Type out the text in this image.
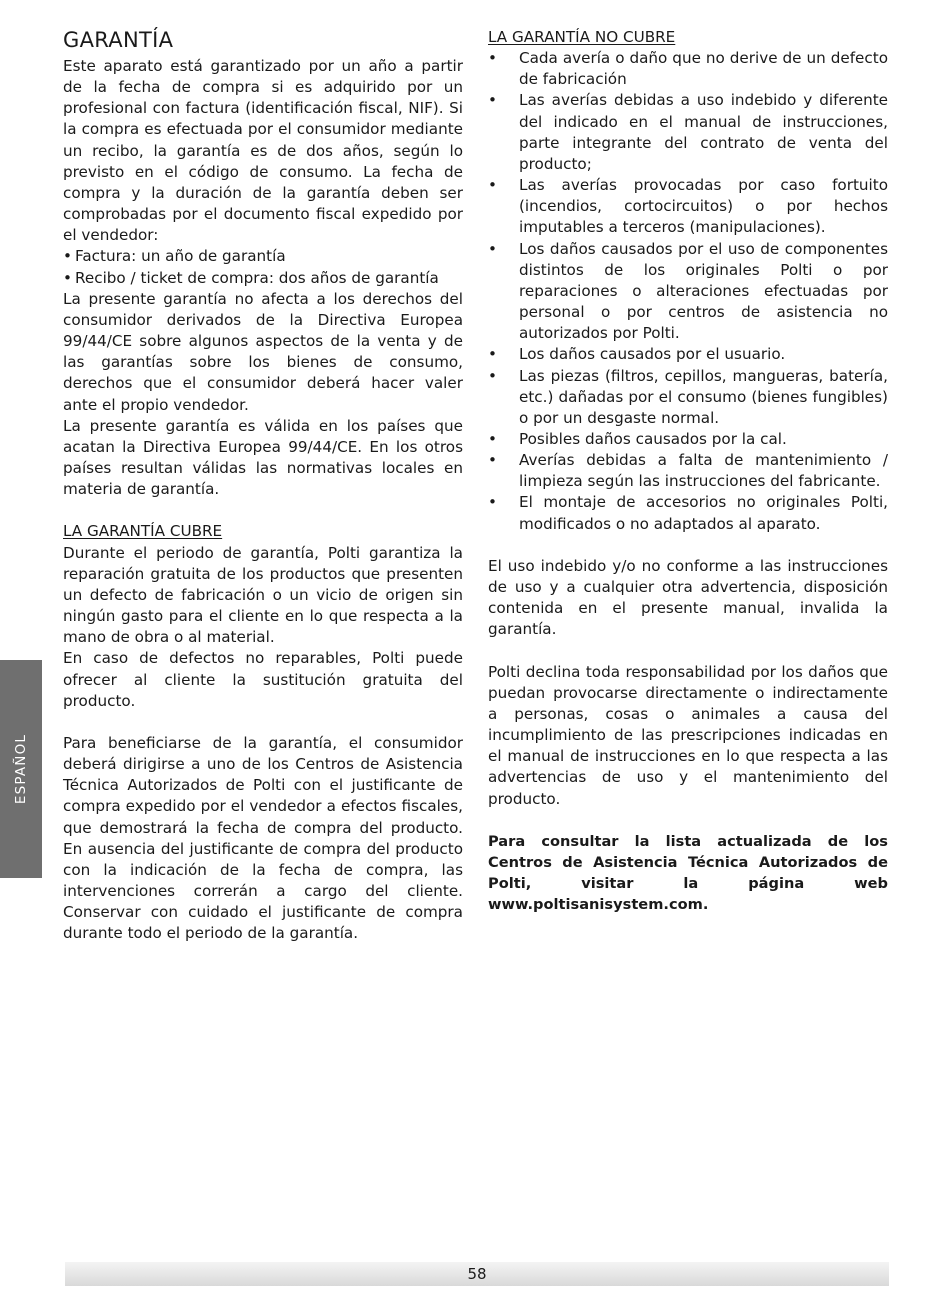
ESPAÑOL
GARANTÍA

Este aparato está garantizado por un año a partir de la fecha de compra si es adquirido por un profesional con factura (identificación fiscal, NIF). Si la compra es efectuada por el consumidor mediante un recibo, la garantía es de dos años, según lo previsto en el código de consumo. La fecha de compra y la duración de la garantía deben ser comprobadas por el documento fiscal expedido por el vendedor:

• Factura: un año de garantía
• Recibo / ticket de compra: dos años de garantía

La presente garantía no afecta a los derechos del consumidor derivados de la Directiva Europea 99/44/CE sobre algunos aspectos de la venta y de las garantías sobre los bienes de consumo, derechos que el consumidor deberá hacer valer ante el propio vendedor.

La presente garantía es válida en los países que acatan la Directiva Europea 99/44/CE. En los otros países resultan válidas las normativas locales en materia de garantía.

LA GARANTÍA CUBRE

Durante el periodo de garantía, Polti garantiza la reparación gratuita de los productos que presenten un defecto de fabricación o un vicio de origen sin ningún gasto para el cliente en lo que respecta a la mano de obra o al material.

En caso de defectos no reparables, Polti puede ofrecer al cliente la sustitución gratuita del producto.

Para beneficiarse de la garantía, el consumidor deberá dirigirse a uno de los Centros de Asistencia Técnica Autorizados de Polti con el justificante de compra expedido por el vendedor a efectos fiscales, que demostrará la fecha de compra del producto. En ausencia del justificante de compra del producto con la indicación de la fecha de compra, las intervenciones correrán a cargo del cliente. Conservar con cuidado el justificante de compra durante todo el periodo de la garantía.

LA GARANTÍA NO CUBRE
•	Cada avería o daño que no derive de un defecto de fabricación
•	Las averías debidas a uso indebido y diferente del indicado en el manual de instrucciones, parte integrante del contrato de venta del producto;
•	Las averías provocadas por caso fortuito (incendios, cortocircuitos) o por hechos imputables a terceros (manipulaciones).
•	Los daños causados por el uso de componentes distintos de los originales Polti o por reparaciones o alteraciones efectuadas por personal o por centros de asistencia no autorizados por Polti.
•	Los daños causados por el usuario.
•	Las piezas (filtros, cepillos, mangueras, batería, etc.) dañadas por el consumo (bienes fungibles) o por un desgaste normal.
•	Posibles daños causados por la cal.
•	Averías debidas a falta de mantenimiento / limpieza según las instrucciones del fabricante.
•	El montaje de accesorios no originales Polti, modificados o no adaptados al aparato.

El uso indebido y/o no conforme a las instrucciones de uso y a cualquier otra advertencia, disposición contenida en el presente manual, invalida la garantía.

Polti declina toda responsabilidad por los daños que puedan provocarse directamente o indirectamente a personas, cosas o animales a causa del incumplimiento de las prescripciones indicadas en el manual de instrucciones en lo que respecta a las advertencias de uso y el mantenimiento del producto.

Para consultar la lista actualizada de los Centros de Asistencia Técnica Autorizados de Polti, visitar la página web www.poltisanisystem.com.

58
